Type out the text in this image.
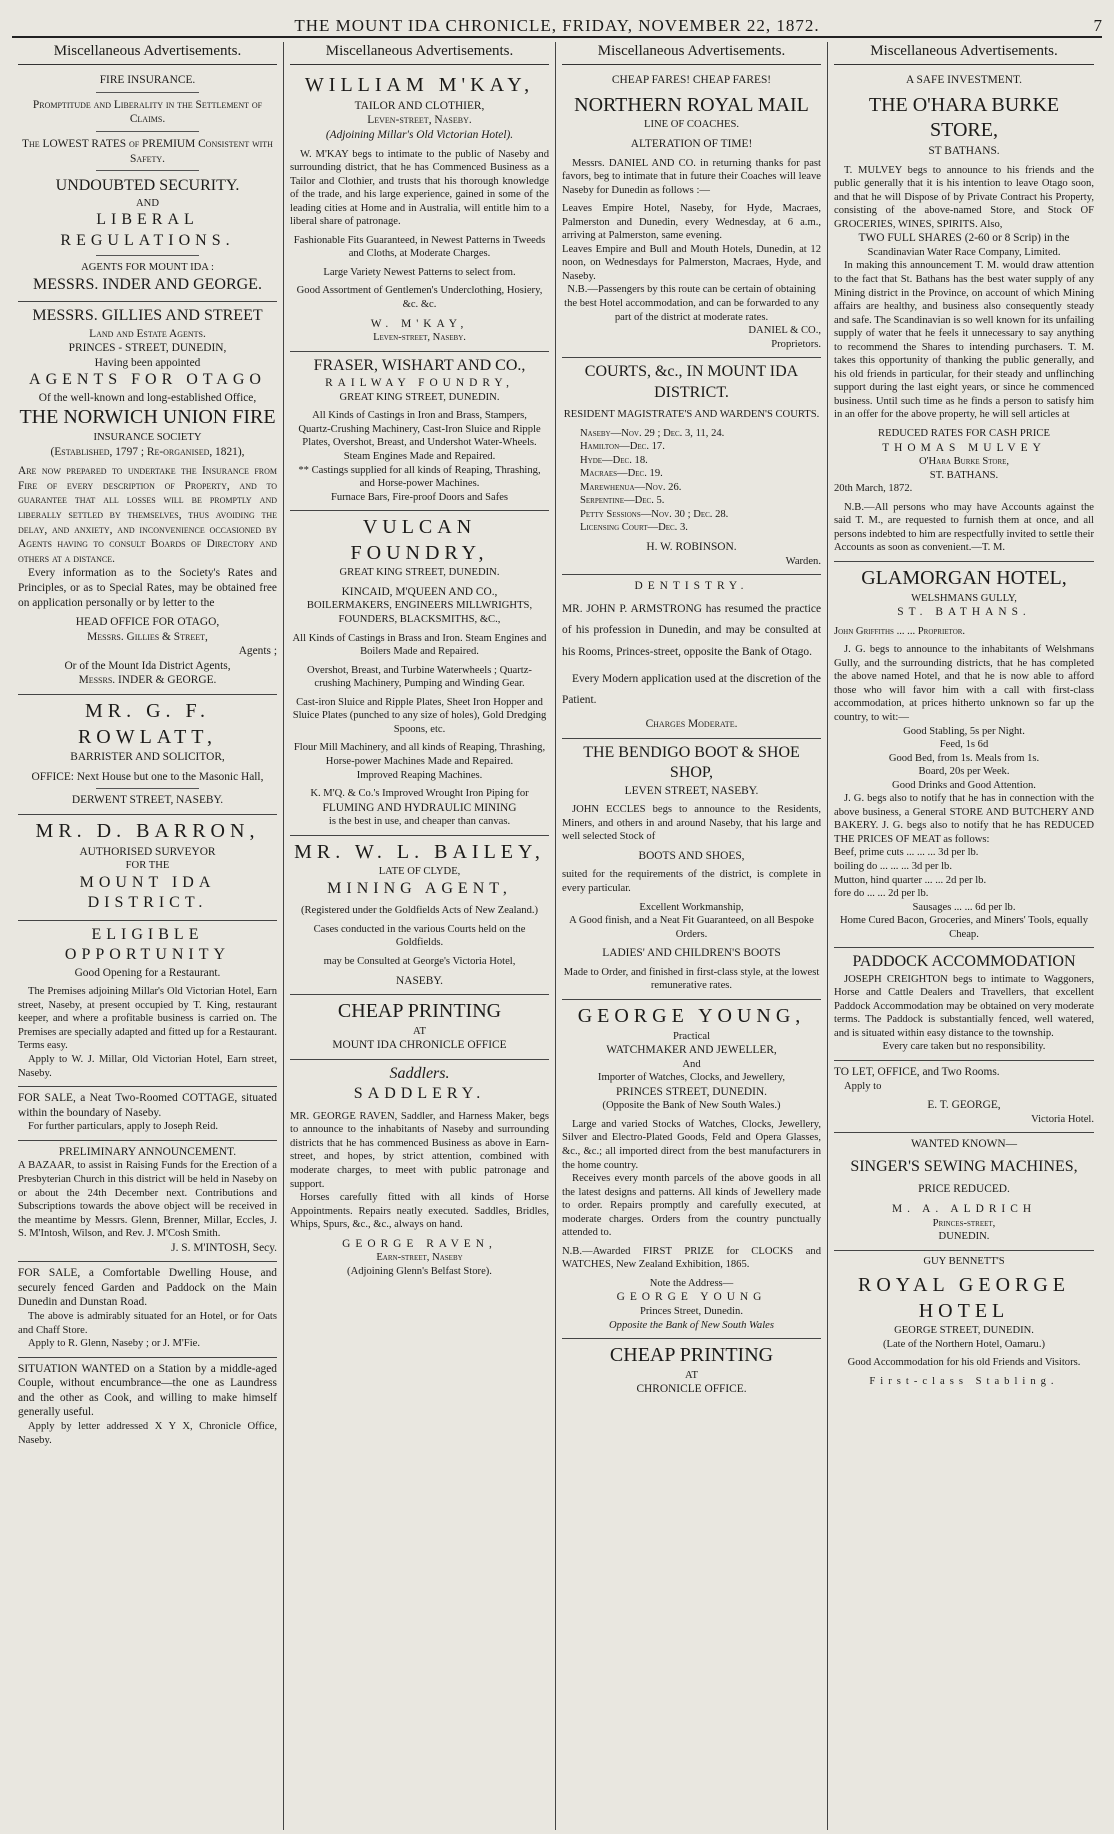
THE MOUNT IDA CHRONICLE, FRIDAY, NOVEMBER 22, 1872.	7
Miscellaneous Advertisements.
FIRE INSURANCE.
Promptitude and Liberality in the Settlement of Claims.
The LOWEST RATES of PREMIUM Consistent with Safety.
UNDOUBTED SECURITY.
AND
LIBERAL REGULATIONS.
AGENTS FOR MOUNT IDA :
MESSRS. INDER AND GEORGE.
MESSRS. GILLIES AND STREET
Land and Estate Agents.
PRINCES - STREET, DUNEDIN,
Having been appointed
AGENTS FOR OTAGO
Of the well-known and long-established Office,
THE NORWICH UNION FIRE
INSURANCE SOCIETY
(Established, 1797 ; Re-organised, 1821),
Are now prepared to undertake the Insurance from Fire of every description of Property, and to guarantee that all losses will be promptly and liberally settled by themselves, thus avoiding the delay, and anxiety, and inconvenience occasioned by Agents having to consult Boards of Directory and others at a distance.
Every information as to the Society's Rates and Principles, or as to Special Rates, may be obtained free on application personally or by letter to the
HEAD OFFICE FOR OTAGO,
Messrs. Gillies & Street,
Agents ;
Or of the Mount Ida District Agents,
Messrs. INDER & GEORGE.
MR. G. F. ROWLATT,
BARRISTER AND SOLICITOR,
OFFICE: Next House but one to the Masonic Hall,
DERWENT STREET, NASEBY.
MR. D. BARRON,
AUTHORISED SURVEYOR
FOR THE
MOUNT IDA DISTRICT.
ELIGIBLE OPPORTUNITY
Good Opening for a Restaurant.
The Premises adjoining Millar's Old Victorian Hotel, Earn street, Naseby, at present occupied by T. King, restaurant keeper, and where a profitable business is carried on. The Premises are specially adapted and fitted up for a Restaurant. Terms easy.
Apply to W. J. Millar, Old Victorian Hotel, Earn street, Naseby.
FOR SALE, a Neat Two-Roomed COTTAGE, situated within the boundary of Naseby.
For further particulars, apply to Joseph Reid.
PRELIMINARY ANNOUNCEMENT.
A BAZAAR, to assist in Raising Funds for the Erection of a Presbyterian Church in this district will be held in Naseby on or about the 24th December next. Contributions and Subscriptions towards the above object will be received in the meantime by Messrs. Glenn, Brenner, Millar, Eccles, J. S. M'Intosh, Wilson, and Rev. J. M'Cosh Smith.
J. S. M'INTOSH, Secy.
FOR SALE, a Comfortable Dwelling House, and securely fenced Garden and Paddock on the Main Dunedin and Dunstan Road.
The above is admirably situated for an Hotel, or for Oats and Chaff Store.
Apply to R. Glenn, Naseby ; or J. M'Fie.
SITUATION WANTED on a Station by a middle-aged Couple, without encumbrance—the one as Laundress and the other as Cook, and willing to make himself generally useful.
Apply by letter addressed X Y X, Chronicle Office, Naseby.
Miscellaneous Advertisements.
WILLIAM M'KAY,
TAILOR AND CLOTHIER,
Leven-street, Naseby.
(Adjoining Millar's Old Victorian Hotel).
W. M'KAY begs to intimate to the public of Naseby and surrounding district, that he has Commenced Business as a Tailor and Clothier, and trusts that his thorough knowledge of the trade, and his large experience, gained in some of the leading cities at Home and in Australia, will entitle him to a liberal share of patronage.
Fashionable Fits Guaranteed, in Newest Patterns in Tweeds and Cloths, at Moderate Charges.
Large Variety Newest Patterns to select from.
Good Assortment of Gentlemen's Underclothing, Hosiery, &c. &c.
W. M'KAY,
Leven-street, Naseby.
FRASER, WISHART AND CO.,
RAILWAY FOUNDRY,
GREAT KING STREET, DUNEDIN.
All Kinds of Castings in Iron and Brass, Stampers,
Quartz-Crushing Machinery, Cast-Iron Sluice and Ripple Plates, Overshot, Breast, and Undershot Water-Wheels.
Steam Engines Made and Repaired.
** Castings supplied for all kinds of Reaping, Thrashing, and Horse-power Machines.
Furnace Bars, Fire-proof Doors and Safes
VULCAN FOUNDRY,
GREAT KING STREET, DUNEDIN.
KINCAID, M'QUEEN AND CO.,
BOILERMAKERS, ENGINEERS MILLWRIGHTS, FOUNDERS, BLACKSMITHS, &C.,
All Kinds of Castings in Brass and Iron. Steam Engines and Boilers Made and Repaired.
Overshot, Breast, and Turbine Waterwheels ; Quartz-crushing Machinery, Pumping and Winding Gear.
Cast-iron Sluice and Ripple Plates, Sheet Iron Hopper and Sluice Plates (punched to any size of holes), Gold Dredging Spoons, etc.
Flour Mill Machinery, and all kinds of Reaping, Thrashing, Horse-power Machines Made and Repaired.
Improved Reaping Machines.
K. M'Q. & Co.'s Improved Wrought Iron Piping for
FLUMING AND HYDRAULIC MINING
is the best in use, and cheaper than canvas.
MR. W. L. BAILEY,
LATE OF CLYDE,
MINING AGENT,
(Registered under the Goldfields Acts of New Zealand.)
Cases conducted in the various Courts held on the Goldfields.
may be Consulted at George's Victoria Hotel,
NASEBY.
CHEAP PRINTING
AT
MOUNT IDA CHRONICLE OFFICE
Saddlers.
SADDLERY.
MR. GEORGE RAVEN, Saddler, and Harness Maker, begs to announce to the inhabitants of Naseby and surrounding districts that he has commenced Business as above in Earn-street, and hopes, by strict attention, combined with moderate charges, to meet with public patronage and support.
Horses carefully fitted with all kinds of Horse Appointments. Repairs neatly executed. Saddles, Bridles, Whips, Spurs, &c., &c., always on hand.
GEORGE RAVEN,
Earn-street, Naseby
(Adjoining Glenn's Belfast Store).
Miscellaneous Advertisements.
CHEAP FARES! CHEAP FARES!
NORTHERN ROYAL MAIL
LINE OF COACHES.
ALTERATION OF TIME!
Messrs. DANIEL AND CO. in returning thanks for past favors, beg to intimate that in future their Coaches will leave Naseby for Dunedin as follows :—
Leaves Empire Hotel, Naseby, for Hyde, Macraes, Palmerston and Dunedin, every Wednesday, at 6 a.m., arriving at Palmerston, same evening.
Leaves Empire and Bull and Mouth Hotels, Dunedin, at 12 noon, on Wednesdays for Palmerston, Macraes, Hyde, and Naseby.
N.B.—Passengers by this route can be certain of obtaining the best Hotel accommodation, and can be forwarded to any part of the district at moderate rates.
DANIEL & CO.,
Proprietors.
COURTS, &c., IN MOUNT IDA DISTRICT.
RESIDENT MAGISTRATE'S AND WARDEN'S COURTS.
Naseby—Nov. 29 ; Dec. 3, 11, 24.
Hamilton—Dec. 17.
Hyde—Dec. 18.
Macraes—Dec. 19.
Marewhenua—Nov. 26.
Serpentine—Dec. 5.
Petty Sessions—Nov. 30 ; Dec. 28.
Licensing Court—Dec. 3.
H. W. ROBINSON.
Warden.
DENTISTRY.
MR. JOHN P. ARMSTRONG has resumed the practice of his profession in Dunedin, and may be consulted at his Rooms, Princes-street, opposite the Bank of Otago.
Every Modern application used at the discretion of the Patient.
Charges Moderate.
THE BENDIGO BOOT & SHOE SHOP,
LEVEN STREET, NASEBY.
JOHN ECCLES begs to announce to the Residents, Miners, and others in and around Naseby, that his large and well selected Stock of
BOOTS AND SHOES,
suited for the requirements of the district, is complete in every particular.
Excellent Workmanship,
A Good finish, and a Neat Fit Guaranteed, on all Bespoke Orders.
LADIES' AND CHILDREN'S BOOTS
Made to Order, and finished in first-class style, at the lowest remunerative rates.
GEORGE YOUNG,
Practical
WATCHMAKER AND JEWELLER,
And
Importer of Watches, Clocks, and Jewellery,
PRINCES STREET, DUNEDIN.
(Opposite the Bank of New South Wales.)
Large and varied Stocks of Watches, Clocks, Jewellery, Silver and Electro-Plated Goods, Feld and Opera Glasses, &c., &c.; all imported direct from the best manufacturers in the home country.
Receives every month parcels of the above goods in all the latest designs and patterns. All kinds of Jewellery made to order. Repairs promptly and carefully executed, at moderate charges. Orders from the country punctually attended to.
N.B.—Awarded FIRST PRIZE for CLOCKS and WATCHES, New Zealand Exhibition, 1865.
Note the Address—
GEORGE YOUNG
Princes Street, Dunedin.
Opposite the Bank of New South Wales
CHEAP PRINTING
AT
CHRONICLE OFFICE.
Miscellaneous Advertisements.
A SAFE INVESTMENT.
THE O'HARA BURKE STORE,
ST BATHANS.
T. MULVEY begs to announce to his friends and the public generally that it is his intention to leave Otago soon, and that he will Dispose of by Private Contract his Property, consisting of the above-named Store, and Stock OF GROCERIES, WINES, SPIRITS. Also,
TWO FULL SHARES (2-60 or 8 Scrip) in the
Scandinavian Water Race Company, Limited.
In making this announcement T. M. would draw attention to the fact that St. Bathans has the best water supply of any Mining district in the Province, on account of which Mining affairs are healthy, and business also consequently steady and safe. The Scandinavian is so well known for its unfailing supply of water that he feels it unnecessary to say anything to recommend the Shares to intending purchasers. T. M. takes this opportunity of thanking the public generally, and his old friends in particular, for their steady and unflinching support during the last eight years, or since he commenced business. Until such time as he finds a person to satisfy him in an offer for the above property, he will sell articles at
REDUCED RATES FOR CASH PRICE
THOMAS MULVEY
O'Hara Burke Store,
ST. BATHANS.
20th March, 1872.
N.B.—All persons who may have Accounts against the said T. M., are requested to furnish them at once, and all persons indebted to him are respectfully invited to settle their Accounts as soon as convenient.—T. M.
GLAMORGAN HOTEL,
WELSHMANS GULLY,
ST. BATHANS.
John Griffiths ... ... Proprietor.
J. G. begs to announce to the inhabitants of Welshmans Gully, and the surrounding districts, that he has completed the above named Hotel, and that he is now able to afford those who will favor him with a call with first-class accommodation, at prices hitherto unknown so far up the country, to wit:—
Good Stabling, 5s per Night.
Feed, 1s 6d
Good Bed, from 1s. Meals from 1s.
Board, 20s per Week.
Good Drinks and Good Attention.
J. G. begs also to notify that he has in connection with the above business, a General STORE AND BUTCHERY AND BAKERY. J. G. begs also to notify that he has REDUCED THE PRICES OF MEAT as follows:
Beef, prime cuts ... ... ... 3d per lb.
boiling do ... ... ... 3d per lb.
Mutton, hind quarter ... ... 2d per lb.
fore do ... ... 2d per lb.
Sausages ... ... 6d per lb.
Home Cured Bacon, Groceries, and Miners' Tools, equally Cheap.
PADDOCK ACCOMMODATION
JOSEPH CREIGHTON begs to intimate to Waggoners, Horse and Cattle Dealers and Travellers, that excellent Paddock Accommodation may be obtained on very moderate terms. The Paddock is substantially fenced, well watered, and is situated within easy distance to the township.
Every care taken but no responsibility.
TO LET, OFFICE, and Two Rooms.
Apply to
E. T. GEORGE,
Victoria Hotel.
WANTED KNOWN—
SINGER'S SEWING MACHINES,
PRICE REDUCED.
M. A. ALDRICH
Princes-street,
DUNEDIN.
GUY BENNETT'S
ROYAL GEORGE HOTEL
GEORGE STREET, DUNEDIN.
(Late of the Northern Hotel, Oamaru.)
Good Accommodation for his old Friends and Visitors.
First-class Stabling.
